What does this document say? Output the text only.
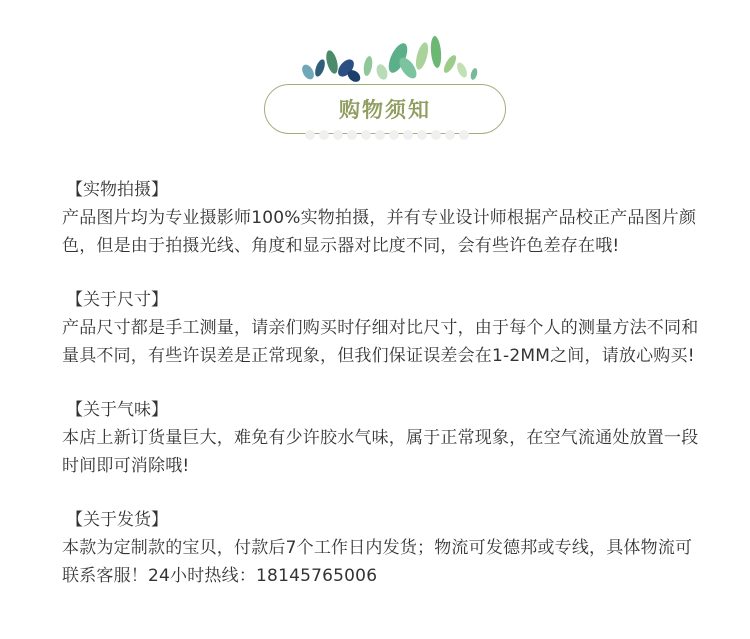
购物须知
【实物拍摄】

产品图片均为专业摄影师100%实物拍摄，并有专业设计师根据产品校正产品图片颜色，但是由于拍摄光线、角度和显示器对比度不同，会有些许色差存在哦!

【关于尺寸】

产品尺寸都是手工测量，请亲们购买时仔细对比尺寸，由于每个人的测量方法不同和量具不同，有些许误差是正常现象，但我们保证误差会在1-2MM之间，请放心购买!

【关于气味】

本店上新订货量巨大，难免有少许胶水气味，属于正常现象，在空气流通处放置一段时间即可消除哦!

【关于发货】

本款为定制款的宝贝，付款后7个工作日内发货；物流可发德邦或专线，具体物流可联系客服！24小时热线：18145765006
